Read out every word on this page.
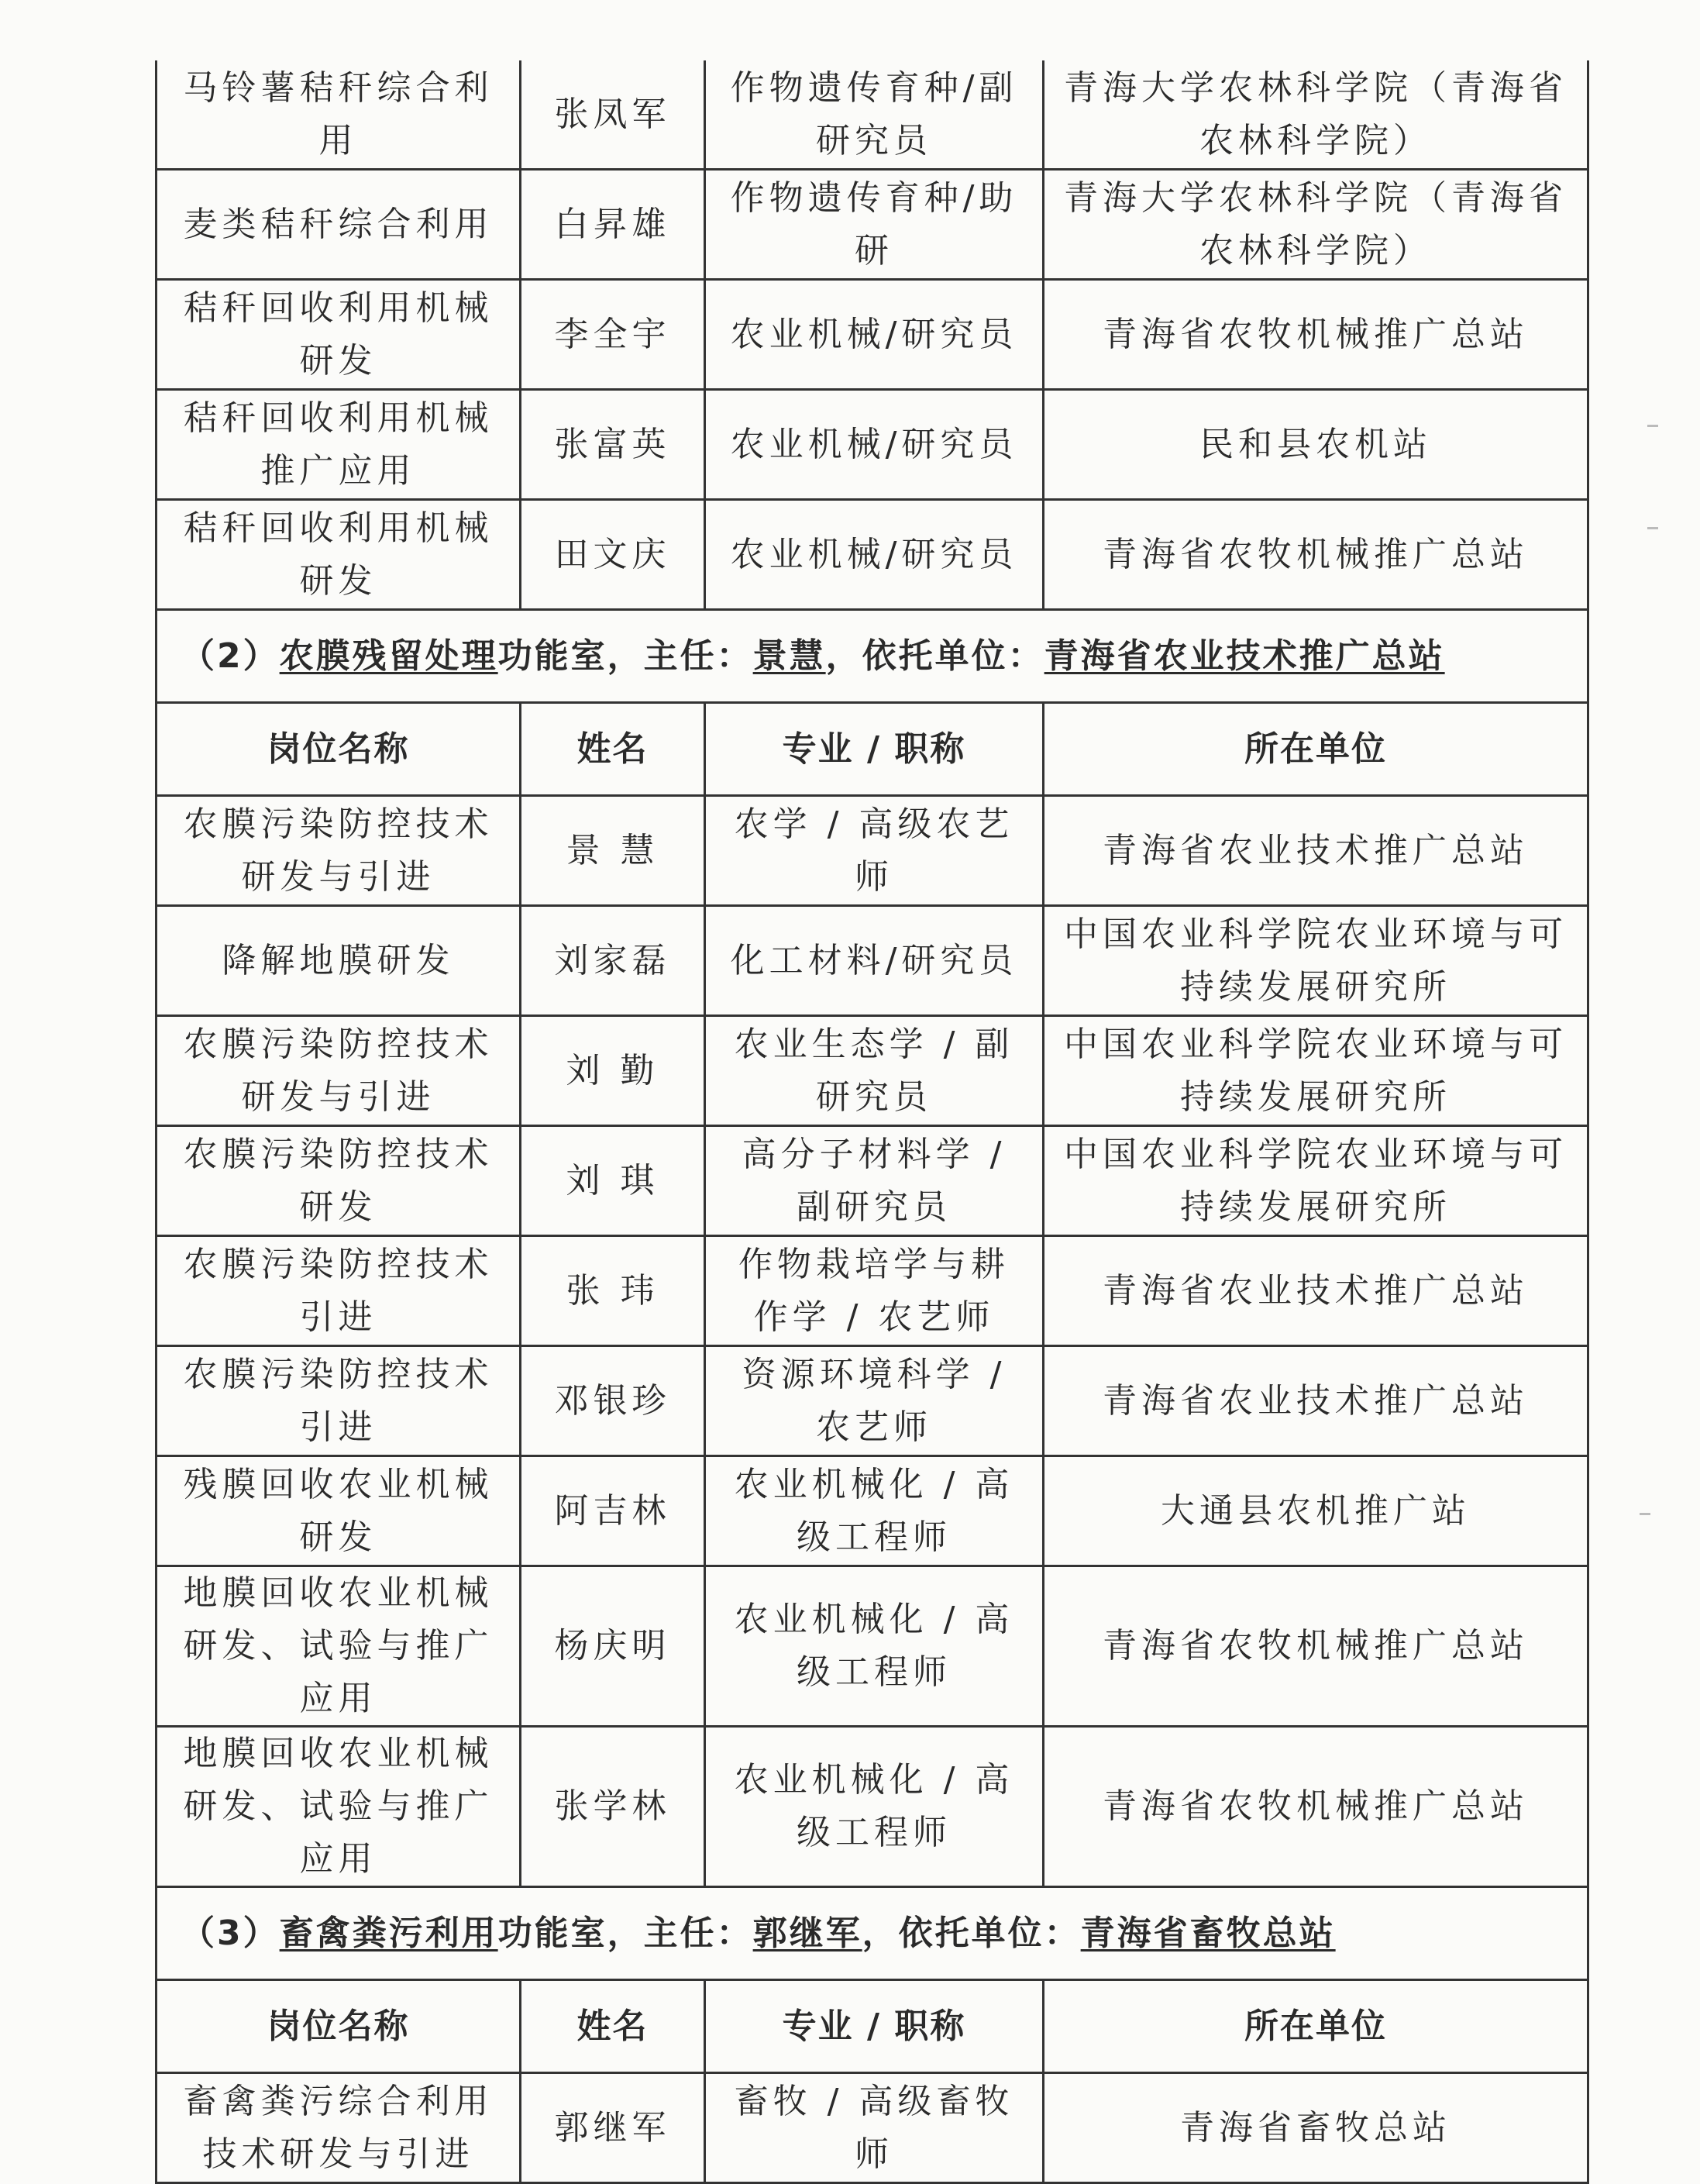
马铃薯秸秆综合利用	张凤军	作物遗传育种/副研究员	青海大学农林科学院（青海省农林科学院）
麦类秸秆综合利用	白昇雄	作物遗传育种/助研	青海大学农林科学院（青海省农林科学院）
秸秆回收利用机械研发	李全宇	农业机械/研究员	青海省农牧机械推广总站
秸秆回收利用机械推广应用	张富英	农业机械/研究员	民和县农机站
秸秆回收利用机械研发	田文庆	农业机械/研究员	青海省农牧机械推广总站
（2）农膜残留处理功能室，主任：景慧，依托单位：青海省农业技术推广总站			
岗位名称	姓名	专业 / 职称	所在单位
农膜污染防控技术研发与引进	景 慧	农学 / 高级农艺师	青海省农业技术推广总站
降解地膜研发	刘家磊	化工材料/研究员	中国农业科学院农业环境与可持续发展研究所
农膜污染防控技术研发与引进	刘 勤	农业生态学 / 副研究员	中国农业科学院农业环境与可持续发展研究所
农膜污染防控技术研发	刘 琪	高分子材料学 / 副研究员	中国农业科学院农业环境与可持续发展研究所
农膜污染防控技术引进	张 玮	作物栽培学与耕作学 / 农艺师	青海省农业技术推广总站
农膜污染防控技术引进	邓银珍	资源环境科学 / 农艺师	青海省农业技术推广总站
残膜回收农业机械研发	阿吉林	农业机械化 / 高级工程师	大通县农机推广站
地膜回收农业机械研发、试验与推广应用	杨庆明	农业机械化 / 高级工程师	青海省农牧机械推广总站
地膜回收农业机械研发、试验与推广应用	张学林	农业机械化 / 高级工程师	青海省农牧机械推广总站
（3）畜禽粪污利用功能室，主任：郭继军，依托单位：青海省畜牧总站			
岗位名称	姓名	专业 / 职称	所在单位
畜禽粪污综合利用技术研发与引进	郭继军	畜牧 / 高级畜牧师	青海省畜牧总站
